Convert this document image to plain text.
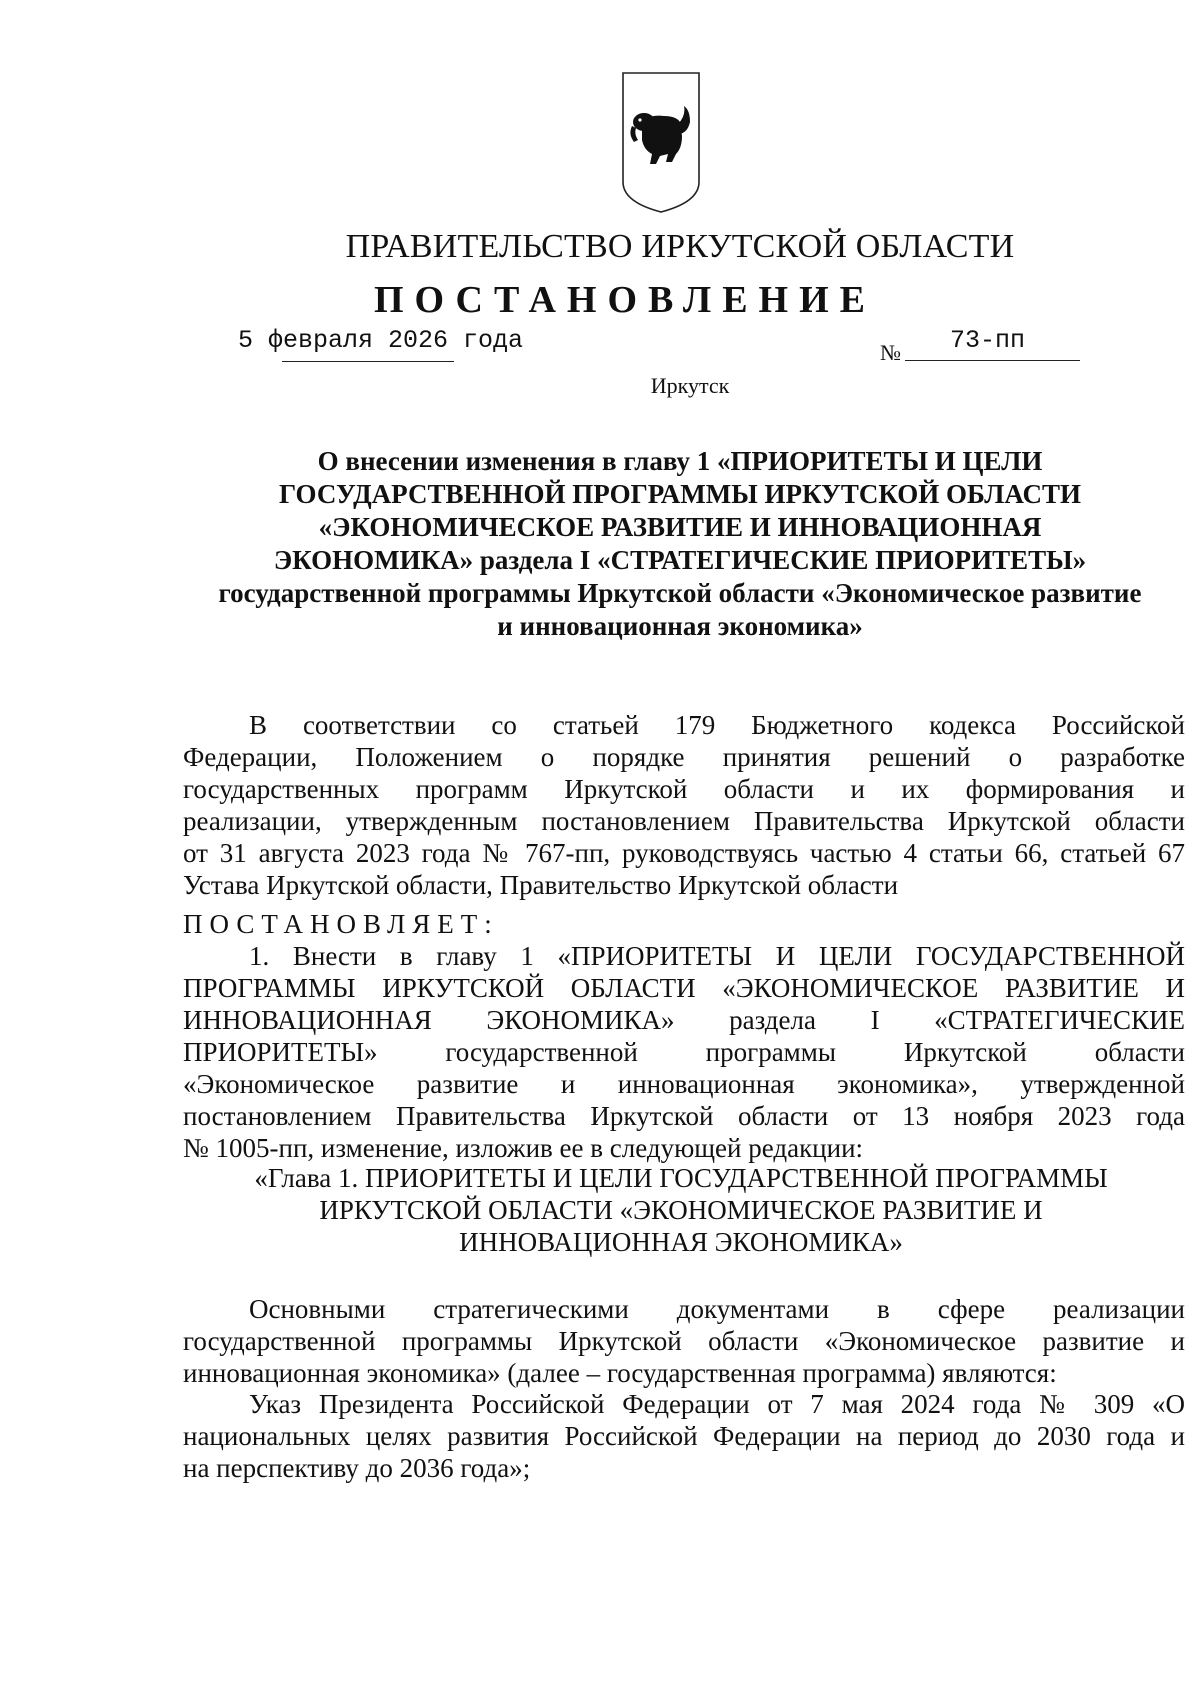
ПРАВИТЕЛЬСТВО ИРКУТСКОЙ ОБЛАСТИ
ПОСТАНОВЛЕНИЕ
5 февраля 2026 года	№ 73-пп
Иркутск
О внесении изменения в главу 1 «ПРИОРИТЕТЫ И ЦЕЛИ
ГОСУДАРСТВЕННОЙ ПРОГРАММЫ ИРКУТСКОЙ ОБЛАСТИ
«ЭКОНОМИЧЕСКОЕ РАЗВИТИЕ И ИННОВАЦИОННАЯ
ЭКОНОМИКА» раздела I «СТРАТЕГИЧЕСКИЕ ПРИОРИТЕТЫ»
государственной программы Иркутской области «Экономическое развитие
и инновационная экономика»
В соответствии со статьей 179 Бюджетного кодекса Российской
Федерации, Положением о порядке принятия решений о разработке
государственных программ Иркутской области и их формирования и
реализации, утвержденным постановлением Правительства Иркутской области
от 31 августа 2023 года № 767-пп, руководствуясь частью 4 статьи 66, статьей 67
Устава Иркутской области, Правительство Иркутской области
ПОСТАНОВЛЯЕТ:
1. Внести в главу 1 «ПРИОРИТЕТЫ И ЦЕЛИ ГОСУДАРСТВЕННОЙ
ПРОГРАММЫ ИРКУТСКОЙ ОБЛАСТИ «ЭКОНОМИЧЕСКОЕ РАЗВИТИЕ И
ИННОВАЦИОННАЯ ЭКОНОМИКА» раздела I «СТРАТЕГИЧЕСКИЕ
ПРИОРИТЕТЫ» государственной программы Иркутской области
«Экономическое развитие и инновационная экономика», утвержденной
постановлением Правительства Иркутской области от 13 ноября 2023 года
№ 1005-пп, изменение, изложив ее в следующей редакции:
«Глава 1. ПРИОРИТЕТЫ И ЦЕЛИ ГОСУДАРСТВЕННОЙ ПРОГРАММЫ
ИРКУТСКОЙ ОБЛАСТИ «ЭКОНОМИЧЕСКОЕ РАЗВИТИЕ И
ИННОВАЦИОННАЯ ЭКОНОМИКА»
Основными стратегическими документами в сфере реализации
государственной программы Иркутской области «Экономическое развитие и
инновационная экономика» (далее – государственная программа) являются:
Указ Президента Российской Федерации от 7 мая 2024 года № 309 «О
национальных целях развития Российской Федерации на период до 2030 года и
на перспективу до 2036 года»;
